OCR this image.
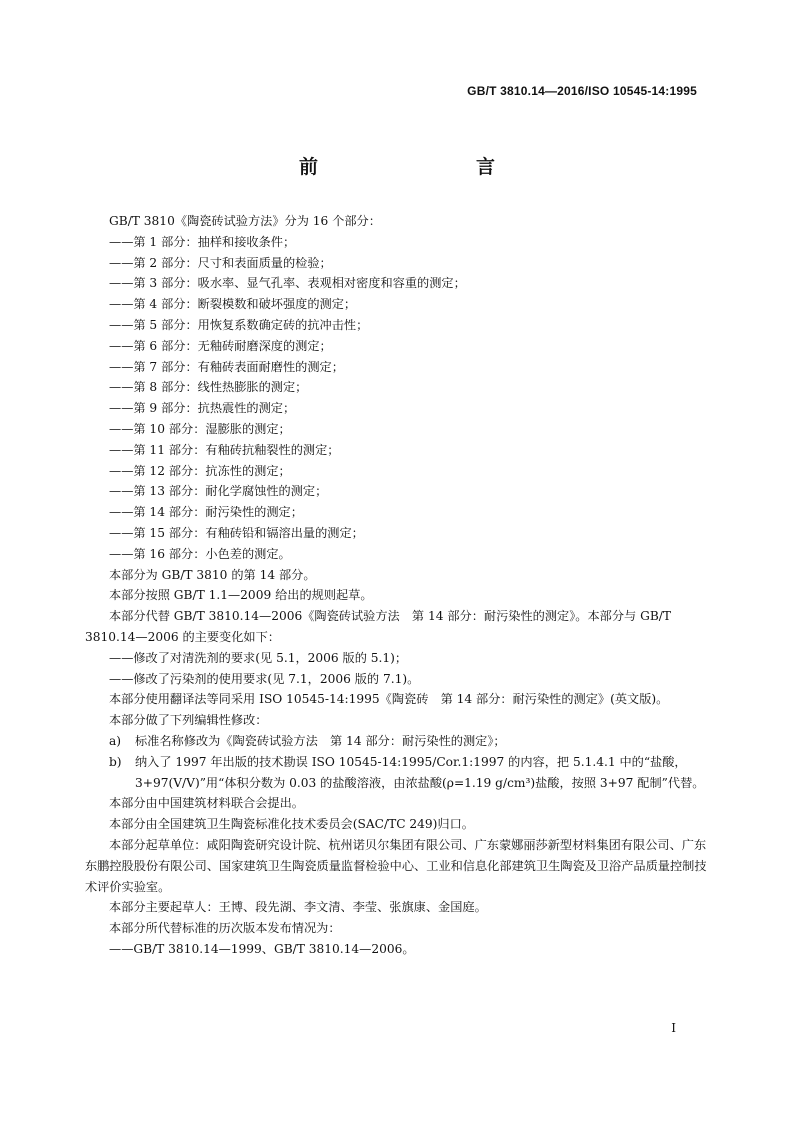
GB/T 3810.14—2016/ISO 10545-14:1995
前　　言

GB/T 3810《陶瓷砖试验方法》分为 16 个部分：

——第 1 部分：抽样和接收条件；

——第 2 部分：尺寸和表面质量的检验；

——第 3 部分：吸水率、显气孔率、表观相对密度和容重的测定；

——第 4 部分：断裂模数和破坏强度的测定；

——第 5 部分：用恢复系数确定砖的抗冲击性；

——第 6 部分：无釉砖耐磨深度的测定；

——第 7 部分：有釉砖表面耐磨性的测定；

——第 8 部分：线性热膨胀的测定；

——第 9 部分：抗热震性的测定；

——第 10 部分：湿膨胀的测定；

——第 11 部分：有釉砖抗釉裂性的测定；

——第 12 部分：抗冻性的测定；

——第 13 部分：耐化学腐蚀性的测定；

——第 14 部分：耐污染性的测定；

——第 15 部分：有釉砖铅和镉溶出量的测定；

——第 16 部分：小色差的测定。

本部分为 GB/T 3810 的第 14 部分。

本部分按照 GB/T 1.1—2009 给出的规则起草。

本部分代替 GB/T 3810.14—2006《陶瓷砖试验方法　第 14 部分：耐污染性的测定》。本部分与 GB/T 3810.14—2006 的主要变化如下：

——修改了对清洗剂的要求(见 5.1，2006 版的 5.1)；

——修改了污染剂的使用要求(见 7.1，2006 版的 7.1)。

本部分使用翻译法等同采用 ISO 10545-14:1995《陶瓷砖　第 14 部分：耐污染性的测定》(英文版)。

本部分做了下列编辑性修改：

a)	标准名称修改为《陶瓷砖试验方法　第 14 部分：耐污染性的测定》；
b)	纳入了 1997 年出版的技术勘误 ISO 10545-14:1995/Cor.1:1997 的内容，把 5.1.4.1 中的“盐酸，3+97(V/V)”用“体积分数为 0.03 的盐酸溶液，由浓盐酸(ρ=1.19 g/cm³)盐酸，按照 3+97 配制”代替。

本部分由中国建筑材料联合会提出。

本部分由全国建筑卫生陶瓷标准化技术委员会(SAC/TC 249)归口。

本部分起草单位：咸阳陶瓷研究设计院、杭州诺贝尔集团有限公司、广东蒙娜丽莎新型材料集团有限公司、广东东鹏控股股份有限公司、国家建筑卫生陶瓷质量监督检验中心、工业和信息化部建筑卫生陶瓷及卫浴产品质量控制技术评价实验室。

本部分主要起草人：王博、段先湖、李文清、李莹、张旗康、金国庭。

本部分所代替标准的历次版本发布情况为：

——GB/T 3810.14—1999、GB/T 3810.14—2006。

I
